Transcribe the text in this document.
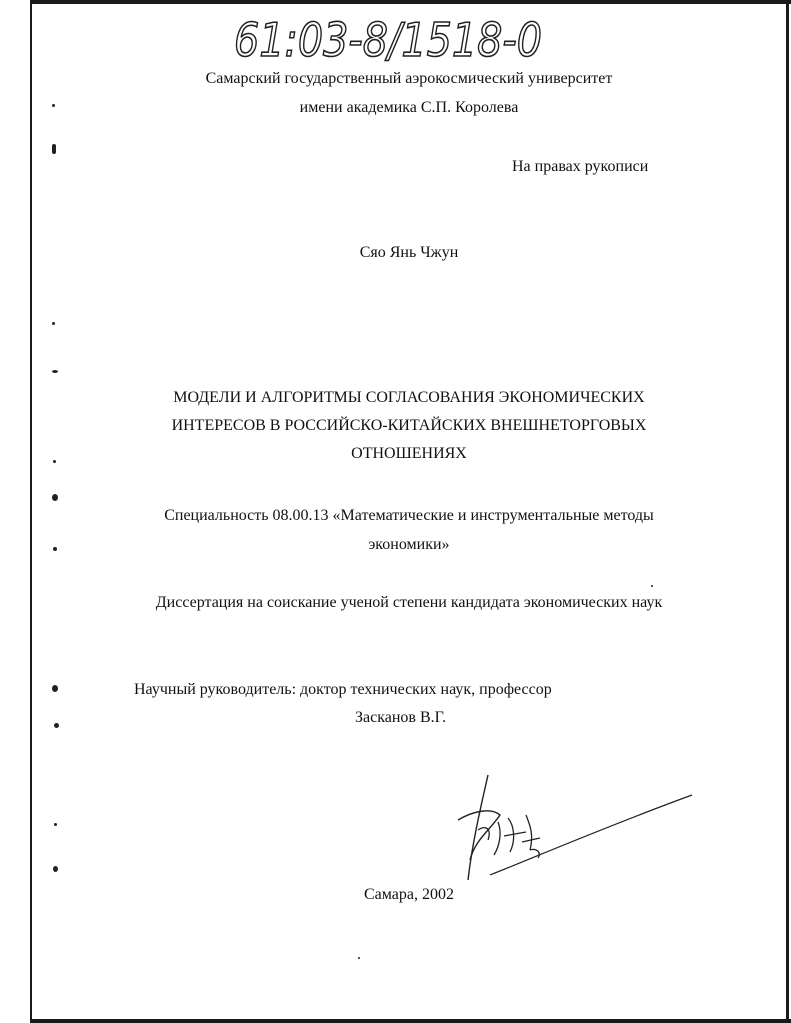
61:03-8/1518-0
Самарский государственный аэрокосмический университет
имени академика С.П. Королева
На правах рукописи
Сяо Янь Чжун
МОДЕЛИ И АЛГОРИТМЫ СОГЛАСОВАНИЯ ЭКОНОМИЧЕСКИХ
ИНТЕРЕСОВ В РОССИЙСКО-КИТАЙСКИХ ВНЕШНЕТОРГОВЫХ
ОТНОШЕНИЯХ
Специальность 08.00.13 «Математические и инструментальные методы
экономики»
Диссертация на соискание ученой степени кандидата экономических наук
Научный руководитель: доктор технических наук, профессор
Засканов В.Г.
Самара, 2002
